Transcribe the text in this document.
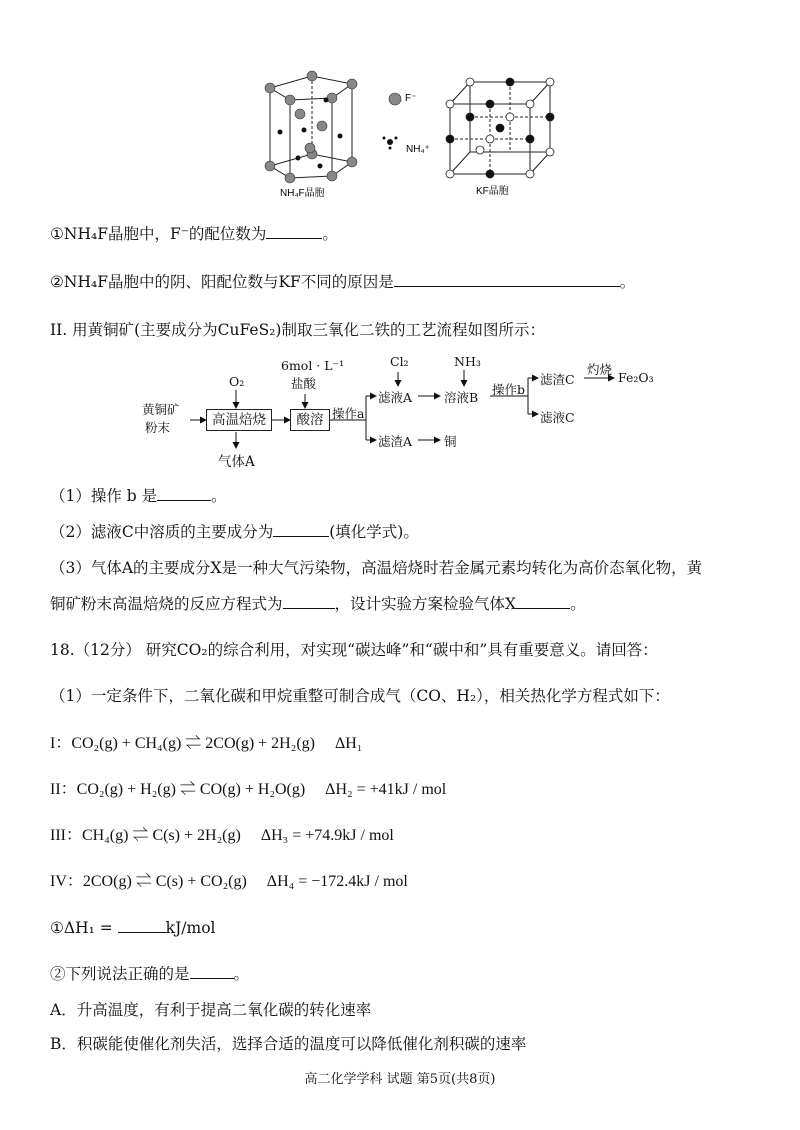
NH₄F晶胞
F⁻
NH₄⁺
KF晶胞
①NH₄F晶胞中，F⁻的配位数为	。
②NH₄F晶胞中的阴、阳配位数与KF不同的原因是	。
II. 用黄铜矿(主要成分为CuFeS₂)制取三氧化二铁的工艺流程如图所示：
黄铜矿
粉末
O₂
高温焙烧
气体A
6mol · L⁻¹
盐酸
酸溶 操作a
滤液A
滤渣A	铜
Cl₂	NH₃
溶液B
操作b
滤渣C
灼烧
Fe₂O₃
滤液C
（1）操作 b 是	。
（2）滤液C中溶质的主要成分为	(填化学式)。
（3）气体A的主要成分X是一种大气污染物，高温焙烧时若金属元素均转化为高价态氧化物，黄
铜矿粉末高温焙烧的反应方程式为	，设计实验方案检验气体X	。
18.（12分） 研究CO₂的综合利用，对实现“碳达峰”和“碳中和”具有重要意义。请回答：
（1）一定条件下，二氧化碳和甲烷重整可制合成气（CO、H₂），相关热化学方程式如下：
I：CO₂(g) + CH₄(g) ⇌ 2CO(g) + 2H₂(g)　 ΔH₁
II：CO₂(g) + H₂(g) ⇌ CO(g) + H₂O(g)　 ΔH₂ = +41kJ / mol
III：CH₄(g) ⇌ C(s) + 2H₂(g)　 ΔH₃ = +74.9kJ / mol
IV：2CO(g) ⇌ C(s) + CO₂(g)　 ΔH₄ = −172.4kJ / mol
①ΔH₁ =	kJ/mol
②下列说法正确的是	。
A．升高温度，有利于提高二氧化碳的转化速率
B．积碳能使催化剂失活，选择合适的温度可以降低催化剂积碳的速率
高二化学学科 试题 第5页(共8页)
